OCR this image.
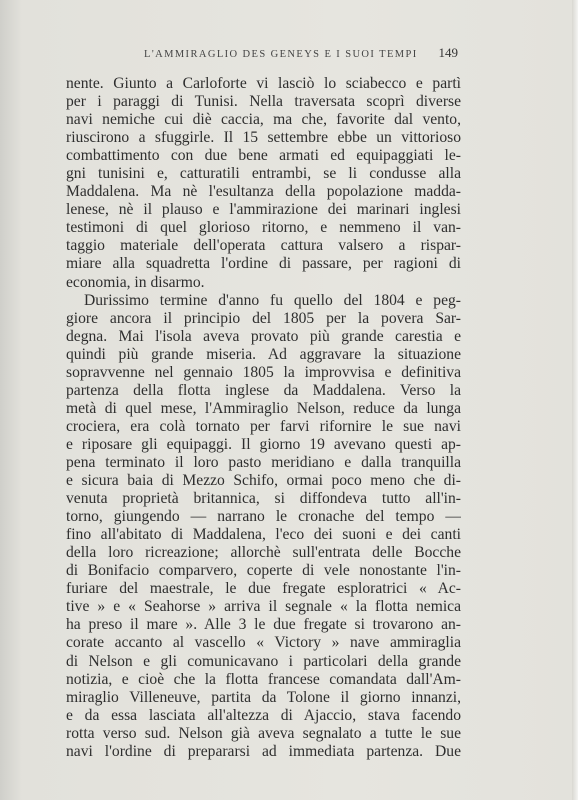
L'AMMIRAGLIO DES GENEYS E I SUOI TEMPI 149
nente. Giunto a Carloforte vi lasciò lo sciabecco e partì
per i paraggi di Tunisi. Nella traversata scoprì diverse
navi nemiche cui diè caccia, ma che, favorite dal vento,
riuscirono a sfuggirle. Il 15 settembre ebbe un vittorioso
combattimento con due bene armati ed equipaggiati le-
gni tunisini e, catturatili entrambi, se li condusse alla
Maddalena. Ma nè l'esultanza della popolazione madda-
lenese, nè il plauso e l'ammirazione dei marinari inglesi
testimoni di quel glorioso ritorno, e nemmeno il van-
taggio materiale dell'operata cattura valsero a rispar-
miare alla squadretta l'ordine di passare, per ragioni di
economia, in disarmo.
Durissimo termine d'anno fu quello del 1804 e peg-
giore ancora il principio del 1805 per la povera Sar-
degna. Mai l'isola aveva provato più grande carestia e
quindi più grande miseria. Ad aggravare la situazione
sopravvenne nel gennaio 1805 la improvvisa e definitiva
partenza della flotta inglese da Maddalena. Verso la
metà di quel mese, l'Ammiraglio Nelson, reduce da lunga
crociera, era colà tornato per farvi rifornire le sue navi
e riposare gli equipaggi. Il giorno 19 avevano questi ap-
pena terminato il loro pasto meridiano e dalla tranquilla
e sicura baia di Mezzo Schifo, ormai poco meno che di-
venuta proprietà britannica, si diffondeva tutto all'in-
torno, giungendo — narrano le cronache del tempo —
fino all'abitato di Maddalena, l'eco dei suoni e dei canti
della loro ricreazione; allorchè sull'entrata delle Bocche
di Bonifacio comparvero, coperte di vele nonostante l'in-
furiare del maestrale, le due fregate esploratrici « Ac-
tive » e « Seahorse » arriva il segnale « la flotta nemica
ha preso il mare ». Alle 3 le due fregate si trovarono an-
corate accanto al vascello « Victory » nave ammiraglia
di Nelson e gli comunicavano i particolari della grande
notizia, e cioè che la flotta francese comandata dall'Am-
miraglio Villeneuve, partita da Tolone il giorno innanzi,
e da essa lasciata all'altezza di Ajaccio, stava facendo
rotta verso sud. Nelson già aveva segnalato a tutte le sue
navi l'ordine di prepararsi ad immediata partenza. Due
